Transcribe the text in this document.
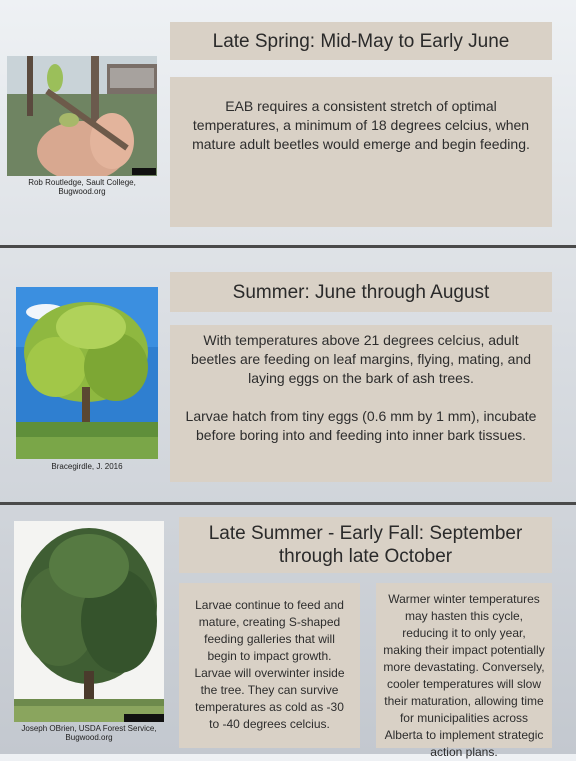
Rob Routledge, Sault College, Bugwood.org
Late Spring: Mid-May to Early June
EAB requires a consistent stretch of optimal temperatures, a minimum of 18 degrees celcius, when mature adult beetles would emerge and begin feeding.
Bracegirdle, J. 2016
Summer: June through August
With temperatures above 21 degrees celcius, adult beetles are feeding on leaf margins, flying, mating, and laying eggs on the bark of ash trees.
Larvae hatch from tiny eggs (0.6 mm by 1 mm), incubate before boring into and feeding into inner bark tissues.
Joseph OBrien, USDA Forest Service, Bugwood.org
Late Summer - Early Fall: September through late October
Larvae continue to feed and mature, creating S-shaped feeding galleries that will begin to impact growth. Larvae will overwinter inside the tree. They can survive temperatures as cold as -30 to -40 degrees celcius.
Warmer winter temperatures may hasten this cycle, reducing it to only year, making their impact potentially more devastating. Conversely, cooler temperatures will slow their maturation, allowing time for municipalities across Alberta to implement strategic action plans.
